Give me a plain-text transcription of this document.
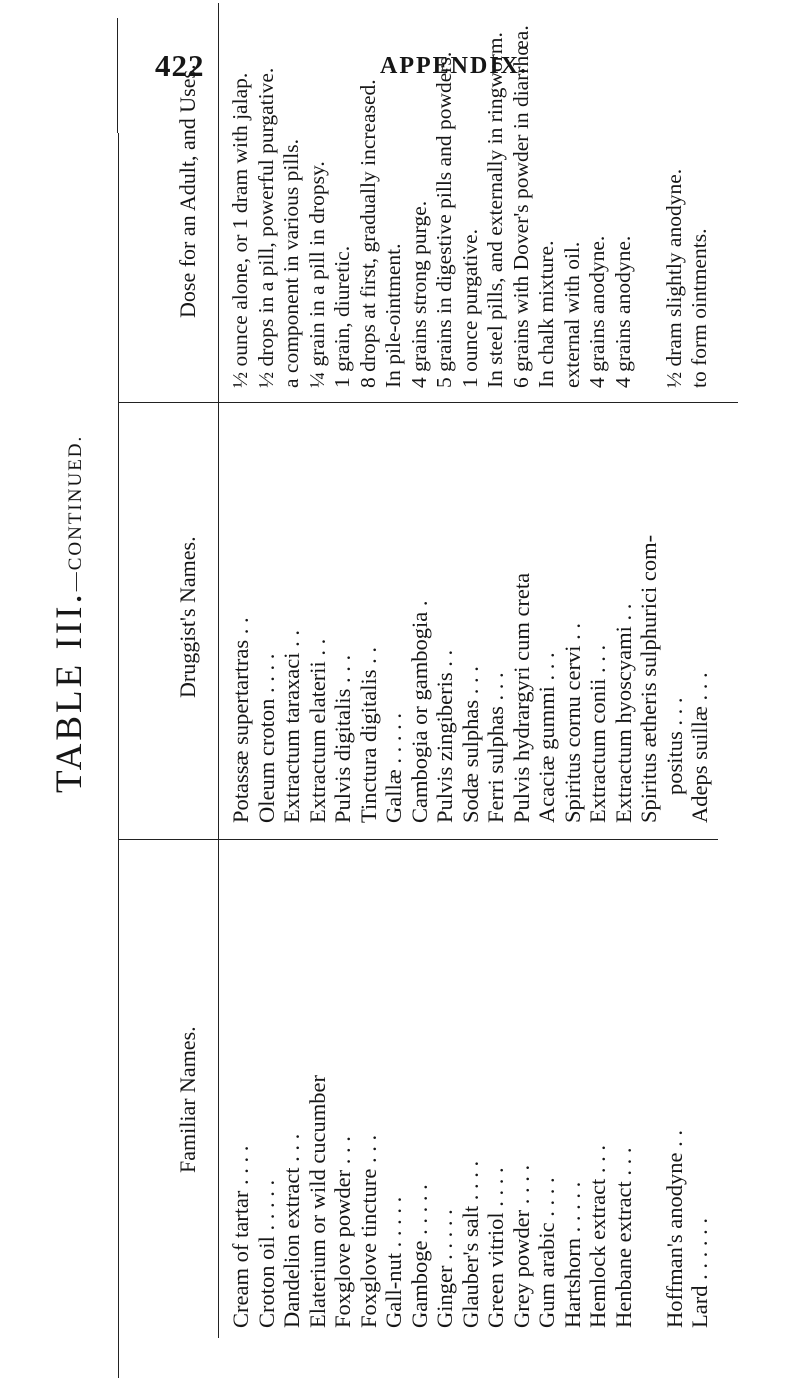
422	APPENDIX.
TABLE III.—CONTINUED.
Familiar Names.
Druggist's Names.
Dose for an Adult, and Uses.
Cream of tartar . . . . Croton oil . . . . . Dandelion extract . . . Elaterium or wild cucumber Foxglove powder . . . Foxglove tincture . . . Gall-nut . . . . . Gamboge . . . . . Ginger . . . . . Glauber's salt . . . . Green vitriol . . . . Grey powder . . . . Gum arabic . . . . Hartshorn . . . . . Hemlock extract . . . Henbane extract . . . Hoffman's anodyne . . Lard . . . . . .
Potassæ supertartras . . Oleum croton . . . . Extractum taraxaci . . Extractum elaterii . . Pulvis digitalis . . . Tinctura digitalis . . Gallæ . . . . . Cambogia or gambogia . Pulvis zingiberis . . Sodæ sulphas . . . Ferri sulphas . . . Pulvis hydrargyri cum creta Acaciæ gummi . . . Spiritus cornu cervi . . Extractum conii . . . Extractum hyoscyami . . Spiritus ætheris sulphurici com- positus . . . Adeps suillæ . . .
½ ounce alone, or 1 dram with jalap. ½ drops in a pill, powerful purgative. a component in various pills. ¼ grain in a pill in dropsy. 1 grain, diuretic. 8 drops at first, gradually increased. In pile-ointment. 4 grains strong purge. 5 grains in digestive pills and powders. 1 ounce purgative. In steel pills, and externally in ringworm. 6 grains with Dover's powder in diarrhœa. In chalk mixture. external with oil. 4 grains anodyne. 4 grains anodyne. ½ dram slightly anodyne. to form ointments.
